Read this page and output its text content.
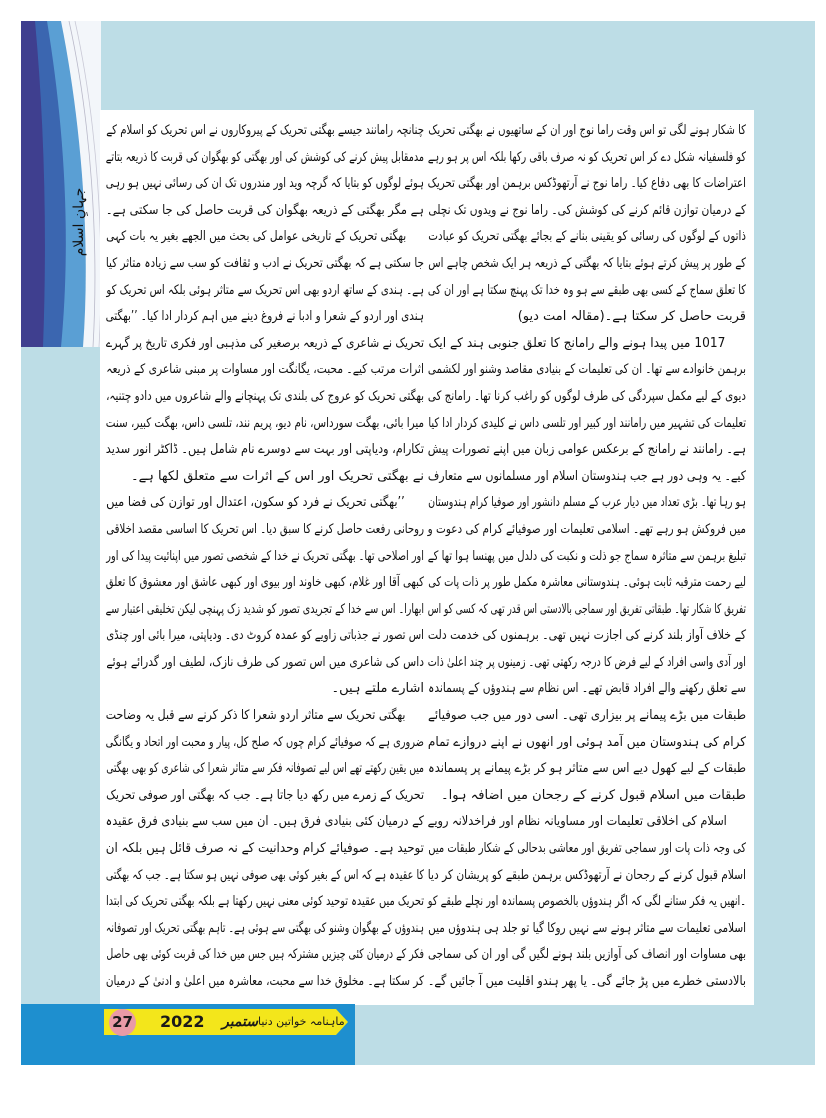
جہانِ اسلام
کا شکار ہونے لگی تو اس وقت راما نوج اور ان کے ساتھیوں نے بھگتی تحریک
کو فلسفیانہ شکل دے کر اس تحریک کو نہ صرف باقی رکھا بلکہ اس پر ہو رہے
اعتراضات کا بھی دفاع کیا۔ راما نوج نے آرتھوڈکس برہمن اور بھگتی تحریک
کے درمیان توازن قائم کرنے کی کوشش کی۔ راما نوج نے ویدوں تک نچلی
ذاتوں کے لوگوں کی رسائی کو یقینی بنانے کے بجائے بھگتی تحریک کو عبادت
کے طور پر پیش کرتے ہوئے بتایا کہ بھگتی کے ذریعہ ہر ایک شخص چاہے اس
کا تعلق سماج کے کسی بھی طبقے سے ہو وہ خدا تک پہنچ سکتا ہے اور ان کی
قربت حاصل کر سکتا ہے۔(مقالہ امت دیو)
1017 میں پیدا ہونے والے رامانج کا تعلق جنوبی ہند کے ایک
برہمن خانوادے سے تھا۔ ان کی تعلیمات کے بنیادی مقاصد وشنو اور لکشمی
دیوی کے لیے مکمل سپردگی کی طرف لوگوں کو راغب کرنا تھا۔ رامانج کی
تعلیمات کی تشہیر میں رامانند اور کبیر اور تلسی داس نے کلیدی کردار ادا کیا
ہے۔ رامانند نے رامانج کے برعکس عوامی زبان میں اپنے تصورات پیش
کیے۔ یہ وہی دور ہے جب ہندوستان اسلام اور مسلمانوں سے متعارف
ہو رہا تھا۔ بڑی تعداد میں دیار عرب کے مسلم دانشور اور صوفیا کرام ہندوستان
میں فروکش ہو رہے تھے۔ اسلامی تعلیمات اور صوفیائے کرام کی دعوت و
تبلیغ برہمن سے متاثرہ سماج جو ذلت و نکبت کی دلدل میں پھنسا ہوا تھا کے
لیے رحمت مترقبہ ثابت ہوئی۔ ہندوستانی معاشرہ مکمل طور پر ذات پات کی
تفریق کا شکار تھا۔ طبقاتی تفریق اور سماجی بالادستی اس قدر تھی کہ کسی کو اس
کے خلاف آواز بلند کرنے کی اجازت نہیں تھی۔ برہمنوں کی خدمت دلت
اور آدی واسی افراد کے لیے فرض کا درجہ رکھتی تھی۔ زمینوں پر چند اعلیٰ ذات
سے تعلق رکھنے والے افراد قابض تھے۔ اس نظام سے ہندوؤں کے پسماندہ
طبقات میں بڑے پیمانے پر بیزاری تھی۔ اسی دور میں جب صوفیائے
کرام کی ہندوستان میں آمد ہوئی اور انھوں نے اپنے دروازے تمام
طبقات کے لیے کھول دیے اس سے متاثر ہو کر بڑے پیمانے پر پسماندہ
طبقات میں اسلام قبول کرنے کے رجحان میں اضافہ ہوا۔
اسلام کی اخلاقی تعلیمات اور مساویانہ نظام اور فراخدلانہ رویے
کی وجہ ذات پات اور سماجی تفریق اور معاشی بدحالی کے شکار طبقات میں
اسلام قبول کرنے کے رجحان نے آرتھوڈکس برہمن طبقے کو پریشان کر دیا
۔انھیں یہ فکر ستانے لگی کہ اگر ہندوؤں بالخصوص پسماندہ اور نچلے طبقے کو
اسلامی تعلیمات سے متاثر ہونے سے نہیں روکا گیا تو جلد ہی ہندوؤں میں
بھی مساوات اور انصاف کی آوازیں بلند ہونے لگیں گی اور ان کی سماجی
بالادستی خطرے میں پڑ جائے گی۔ یا پھر ہندو اقلیت میں آ جائیں گے۔
چنانچہ رامانند جیسے بھگتی تحریک کے پیروکاروں نے اس تحریک کو اسلام کے
مدمقابل پیش کرنے کی کوشش کی اور بھگتی کو بھگوان کی قربت کا ذریعہ بتاتے
ہوئے لوگوں کو بتایا کہ گرچہ وید اور مندروں تک ان کی رسائی نہیں ہو رہی
ہے مگر بھگتی کے ذریعہ بھگوان کی قربت حاصل کی جا سکتی ہے۔
بھگتی تحریک کے تاریخی عوامل کی بحث میں الجھے بغیر یہ بات کہی
جا سکتی ہے کہ بھگتی تحریک نے ادب و ثقافت کو سب سے زیادہ متاثر کیا
ہے۔ ہندی کے ساتھ اردو بھی اس تحریک سے متاثر ہوئی بلکہ اس تحریک کو
ہندی اور اردو کے شعرا و ادبا نے فروغ دینے میں اہم کردار ادا کیا۔ ’’بھگتی
تحریک نے شاعری کے ذریعہ برصغیر کی مذہبی اور فکری تاریخ پر گہرے
اثرات مرتب کیے۔ محبت، یگانگت اور مساوات پر مبنی شاعری کے ذریعہ
بھگتی تحریک کو عروج کی بلندی تک پہنچانے والے شاعروں میں دادو چتنیہ،
میرا بائی، بھگت سورداس، نام دیو، پریم نند، تلسی داس، بھگت کبیر، سنت
تکارام، ودیاپتی اور بہت سے دوسرے نام شامل ہیں۔ ڈاکٹر انور سدید
نے بھگتی تحریک اور اس کے اثرات سے متعلق لکھا ہے۔
’’بھگتی تحریک نے فرد کو سکون، اعتدال اور توازن کی فضا میں
روحانی رفعت حاصل کرنے کا سبق دیا۔ اس تحریک کا اساسی مقصد اخلاقی
اور اصلاحی تھا۔ بھگتی تحریک نے خدا کے شخصی تصور میں اپنائیت پیدا کی اور
کبھی آقا اور غلام، کبھی خاوند اور بیوی اور کبھی عاشق اور معشوق کا تعلق
ابھارا۔ اس سے خدا کے تجریدی تصور کو شدید زک پہنچی لیکن تخلیقی اعتبار سے
اس تصور نے جذباتی زاویے کو عمدہ کروٹ دی۔ ودیاپتی، میرا بائی اور چنڈی
داس کی شاعری میں اس تصور کی طرف نازک، لطیف اور گدرائے ہوئے
اشارے ملتے ہیں۔
بھگتی تحریک سے متاثر اردو شعرا کا ذکر کرنے سے قبل یہ وضاحت
ضروری ہے کہ صوفیائے کرام چوں کہ صلح کل، پیار و محبت اور اتحاد و یگانگی
میں یقین رکھتے تھے اس لیے تصوفانہ فکر سے متاثر شعرا کی شاعری کو بھی بھگتی
تحریک کے زمرے میں رکھ دیا جاتا ہے۔ جب کہ بھگتی اور صوفی تحریک
کے درمیان کئی بنیادی فرق ہیں۔ ان میں سب سے بنیادی فرق عقیدہ
توحید ہے۔ صوفیائے کرام وحدانیت کے نہ صرف قائل ہیں بلکہ ان
کا عقیدہ ہے کہ اس کے بغیر کوئی بھی صوفی نہیں ہو سکتا ہے۔ جب کہ بھگتی
تحریک میں عقیدہ توحید کوئی معنی نہیں رکھتا ہے بلکہ بھگتی تحریک کی ابتدا
ہندوؤں کے بھگوان وشنو کی بھگتی سے ہوئی ہے۔ تاہم بھگتی تحریک اور تصوفانہ
فکر کے درمیان کئی چیزیں مشترکہ ہیں جس میں خدا کی قربت کوئی بھی حاصل
کر سکتا ہے۔ مخلوق خدا سے محبت، معاشرہ میں اعلیٰ و ادنیٰ کے درمیان
27 2022 ستمبر ماہنامہ خواتین دنیا
